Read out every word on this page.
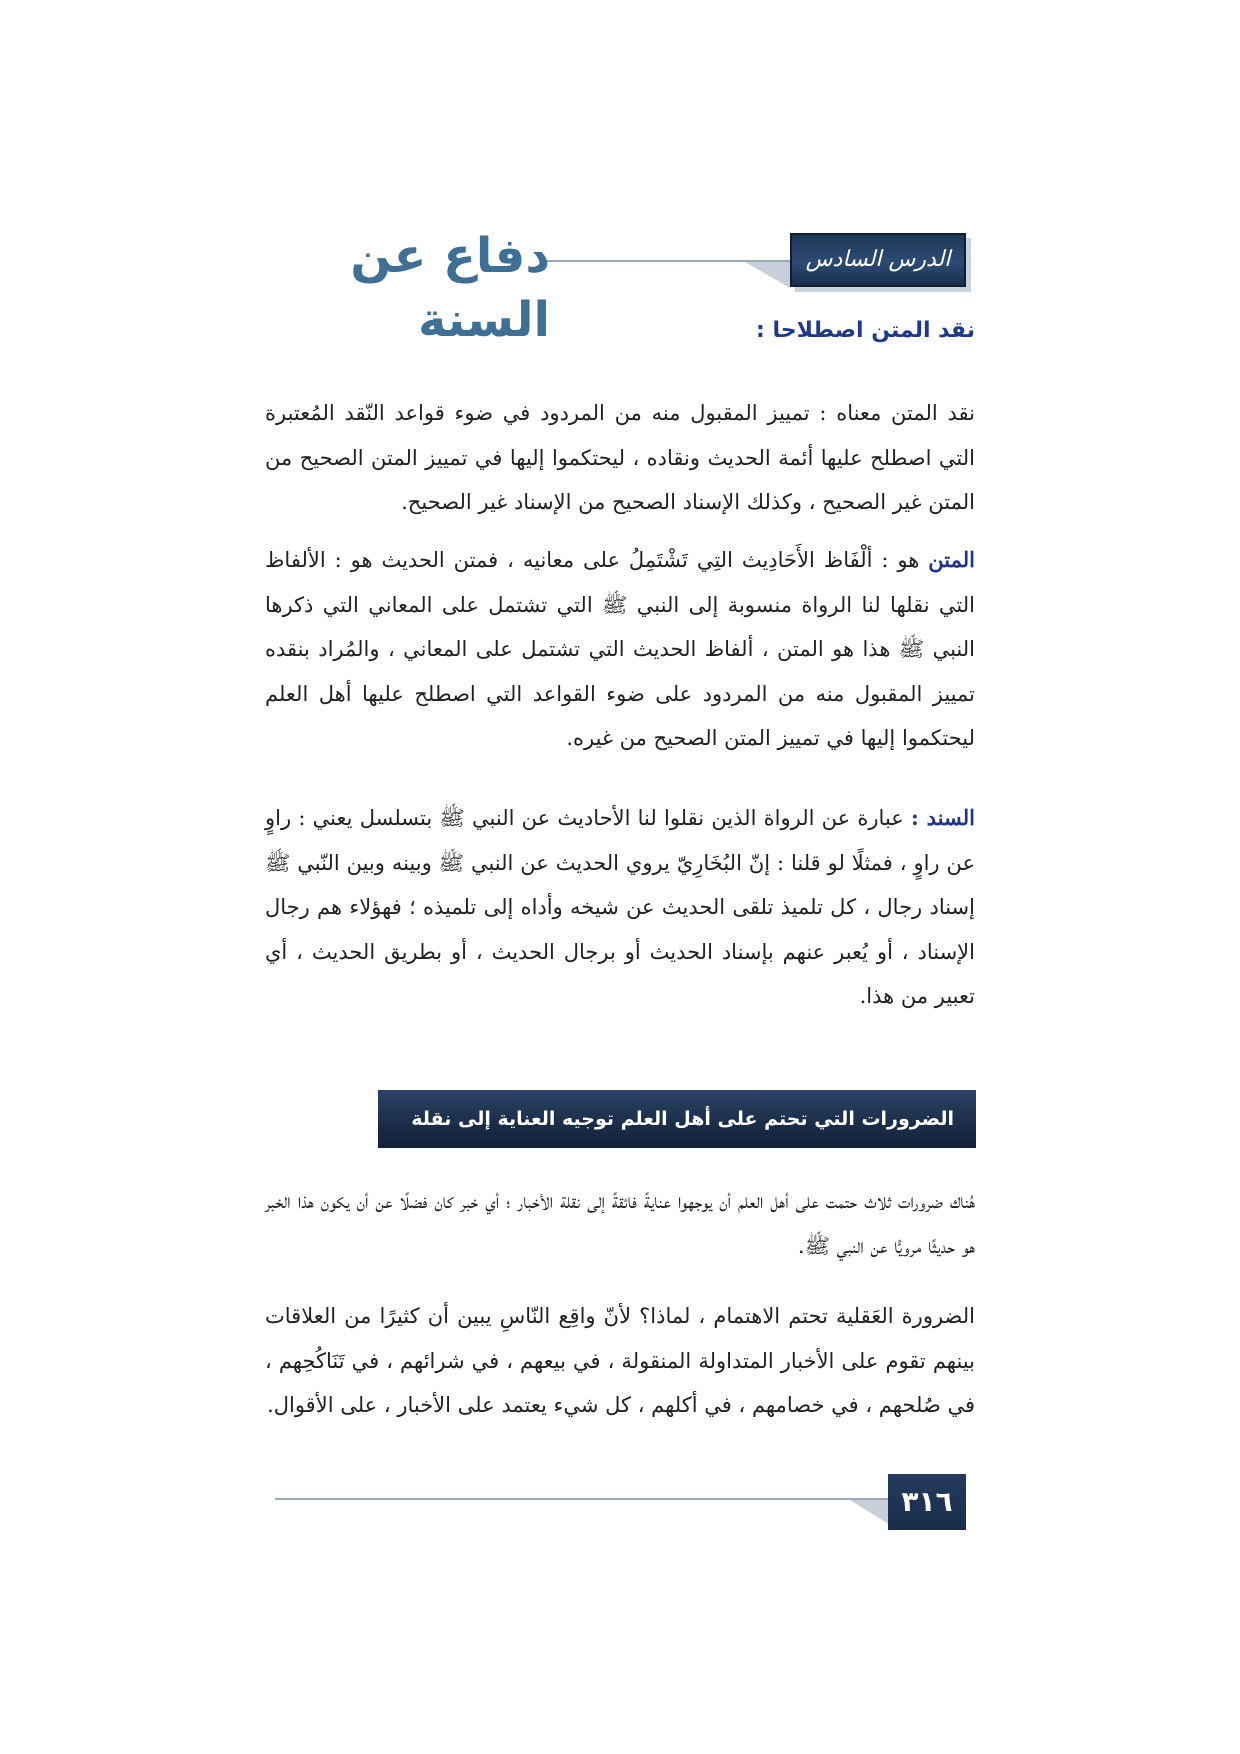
الدرس السادس عشر
دفاع عن السنة	نقد المتن اصطلاحا :

نقد المتن معناه : تمييز المقبول منه من المردود في ضوء قواعد النّقد المُعتبرة التي اصطلح عليها أئمة الحديث ونقاده ، ليحتكموا إليها في تمييز المتن الصحيح من المتن غير الصحيح ، وكذلك الإسناد الصحيح من الإسناد غير الصحيح.

المتن هو : ألْفَاظ الأَحَادِيث التِي تَشْتَمِلُ على معانيه ، فمتن الحديث هو : الألفاظ التي نقلها لنا الرواة منسوبة إلى النبي ﷺ التي تشتمل على المعاني التي ذكرها النبي ﷺ هذا هو المتن ، ألفاظ الحديث التي تشتمل على المعاني ، والمُراد بنقده تمييز المقبول منه من المردود على ضوء القواعد التي اصطلح عليها أهل العلم ليحتكموا إليها في تمييز المتن الصحيح من غيره.

السند : عبارة عن الرواة الذين نقلوا لنا الأحاديث عن النبي ﷺ بتسلسل يعني : راوٍ عن راوٍ ، فمثلًا لو قلنا : إنّ البُخَارِيّ يروي الحديث عن النبي ﷺ وبينه وبين النّبي ﷺ إسناد رجال ، كل تلميذ تلقى الحديث عن شيخه وأداه إلى تلميذه ؛ فهؤلاء هم رجال الإسناد ، أو يُعبر عنهم بإسناد الحديث أو برجال الحديث ، أو بطريق الحديث ، أي تعبير من هذا.

الضرورات التي تحتم على أهل العلم توجيه العناية إلى نقلة الأخبار

هُناك ضرورات ثلاث حتمت على أهل العلم أن يوجهوا عنايةً فائقةً إلى نقلة الأخبار ؛ أي خبر كان فضلًا عن أن يكون هذا الخبر هو حديثًا مرويًّا عن النبي ﷺ.

الضرورة العَقلية تحتم الاهتمام ، لماذا؟ لأنّ واقِع النّاسِ يبين أن كثيرًا من العلاقات بينهم تقوم على الأخبار المتداولة المنقولة ، في بيعهم ، في شرائهم ، في تَنَاكُحِهم ، في صُلحهم ، في خصامهم ، في أكلهم ، كل شيء يعتمد على الأخبار ، على الأقوال.

٣١٦
